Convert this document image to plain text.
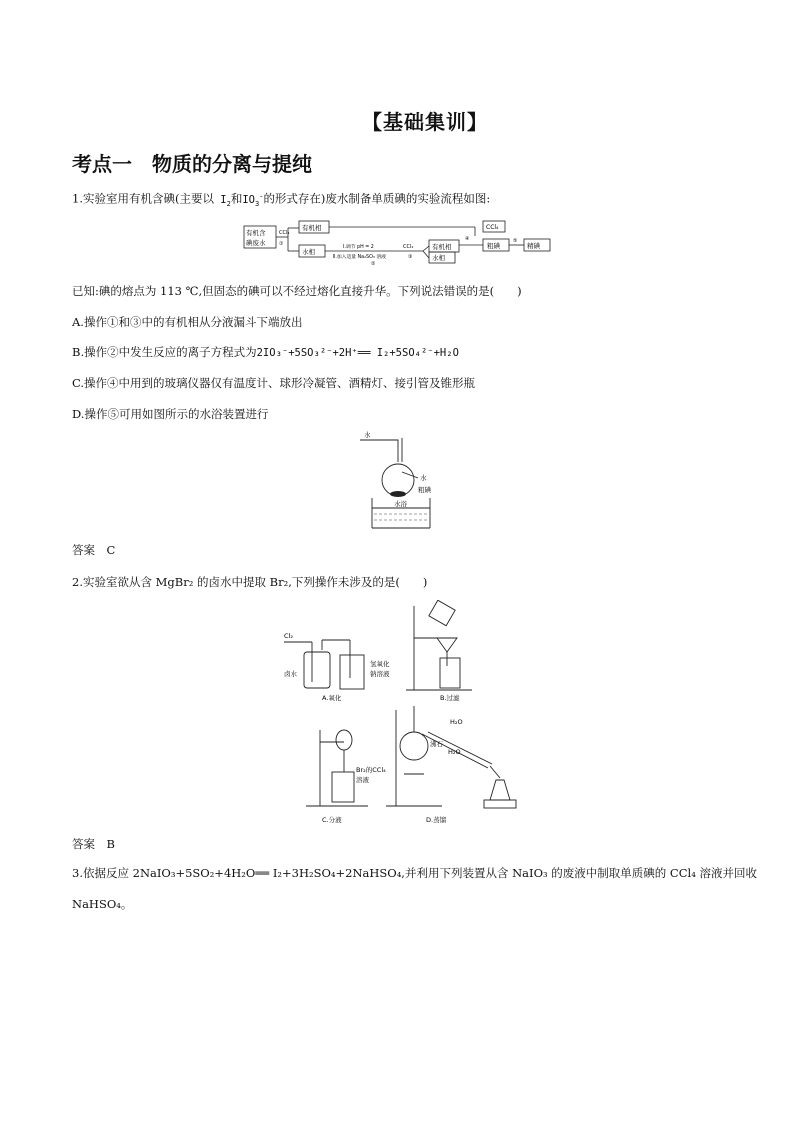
【基础集训】
考点一　物质的分离与提纯
1.实验室用有机含碘(主要以 $I_2$和$IO_3^-$的形式存在)废水制备单质碘的实验流程如图:
有机含
碘废水
CCl₄
①
有机相
水相
Ⅰ.调节 pH = 2
Ⅱ.加入适量 Na₂SO₃ 溶液
②
CCl₄
③
有机相
水相
④
CCl₄
粗碘
⑤
精碘
已知:碘的熔点为 113 ℃,但固态的碘可以不经过熔化直接升华。下列说法错误的是(　　)
A.操作①和③中的有机相从分液漏斗下端放出
B.操作②中发生反应的离子方程式为2IO₃⁻+5SO₃²⁻+2H⁺══ I₂+5SO₄²⁻+H₂O
C.操作④中用到的玻璃仪器仅有温度计、球形冷凝管、酒精灯、接引管及锥形瓶
D.操作⑤可用如图所示的水浴装置进行
水
水
粗碘
水浴
答案　C
2.实验室欲从含 MgBr₂ 的卤水中提取 Br₂,下列操作未涉及的是(　　)
Cl₂
卤水
氢氧化
钠溶液
A.氧化	B.过滤
Br₂的CCl₄
溶液
C.分液
H₂O
H₂O
沸石
D.蒸馏
答案　B
3.依据反应 2NaIO₃+5SO₂+4H₂O══ I₂+3H₂SO₄+2NaHSO₄,并利用下列装置从含 NaIO₃ 的废液中制取单质碘的 CCl₄ 溶液并回收
NaHSO₄。
